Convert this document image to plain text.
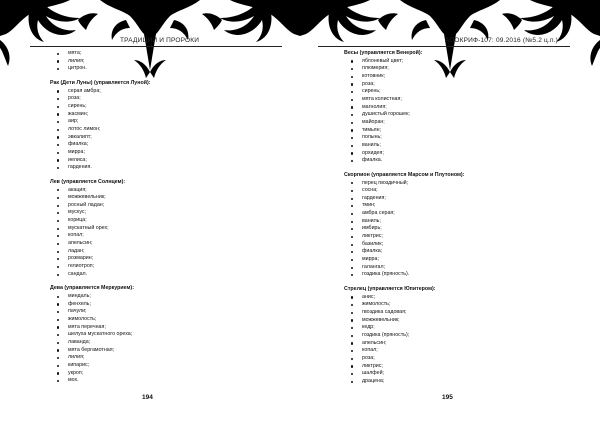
ТРАДИЦИИ И ПРОРОКИ
мята;
лилия;
цитрон.
Рак (Дети Луны) (управляется Луной):
серая амбра;
роза;
сирень;
жасмин;
аир;
лотос лимон;
эвкалипт;
фиалка;
мирра;
иелиса;
гардения.
Лев (управляется Солнцем):
акация;
можжевельник;
росный ладан;
мускус;
корица;
мускатный орех;
копал;
апельсин;
ладан;
розмарин;
гелиотроп;
сандал.
Дева (управляется Меркурием):
миндаль;
фенхель;
пачули;
жимолость;
мята перечная;
шелуха мускатного ореха;
лаванда;
мята бергамотная;
лилия;
кипарис;
укроп;
мох.
194
АПОКРИФ-107: 09.2016 (№5.2 ц.п.)
Весы (управляется Венерой):
яблоневый цвет;
плюмерия;
котовник;
роза;
сирень;
мята колистная;
магнолия;
душистый горошек;
майоран;
тимьян;
полынь;
ваниль;
орхидея;
фиалка.
Скорпион (управляется Марсом и Плутоном):
перец гвоздичный;
сосна;
гардения;
тмин;
амбра серая;
ваниль;
имбирь;
ликтрис;
базилик;
фиалка;
мирра;
галангал;
гоздика (пряность).
Стрелец (управляется Юпитером):
анис;
жимолость;
гвоздика садовая;
можжевельник;
кедр;
гоздика (пряность);
апельсин;
копал;
роза;
ликтрис;
шалфей;
драцена;
195
